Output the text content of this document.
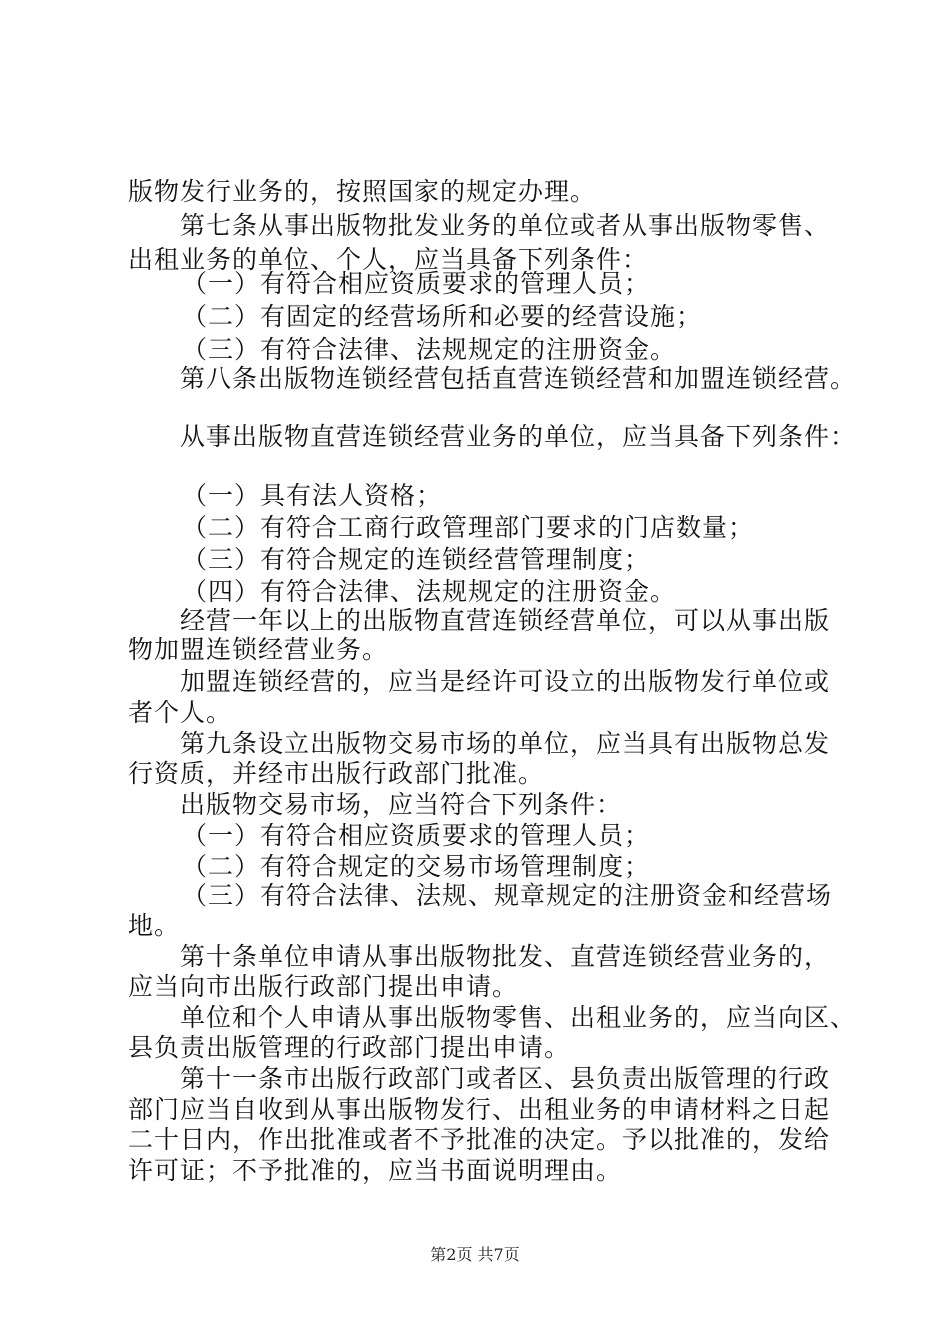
版物发行业务的，按照国家的规定办理。
第七条从事出版物批发业务的单位或者从事出版物零售、
出租业务的单位、个人，应当具备下列条件：
（一）有符合相应资质要求的管理人员；
（二）有固定的经营场所和必要的经营设施；
（三）有符合法律、法规规定的注册资金。
第八条出版物连锁经营包括直营连锁经营和加盟连锁经营。
从事出版物直营连锁经营业务的单位，应当具备下列条件：
（一）具有法人资格；
（二）有符合工商行政管理部门要求的门店数量；
（三）有符合规定的连锁经营管理制度；
（四）有符合法律、法规规定的注册资金。
经营一年以上的出版物直营连锁经营单位，可以从事出版
物加盟连锁经营业务。
加盟连锁经营的，应当是经许可设立的出版物发行单位或
者个人。
第九条设立出版物交易市场的单位，应当具有出版物总发
行资质，并经市出版行政部门批准。
出版物交易市场，应当符合下列条件：
（一）有符合相应资质要求的管理人员；
（二）有符合规定的交易市场管理制度；
（三）有符合法律、法规、规章规定的注册资金和经营场
地。
第十条单位申请从事出版物批发、直营连锁经营业务的，
应当向市出版行政部门提出申请。
单位和个人申请从事出版物零售、出租业务的，应当向区、
县负责出版管理的行政部门提出申请。
第十一条市出版行政部门或者区、县负责出版管理的行政
部门应当自收到从事出版物发行、出租业务的申请材料之日起
二十日内，作出批准或者不予批准的决定。予以批准的，发给
许可证；不予批准的，应当书面说明理由。
第2页 共7页
